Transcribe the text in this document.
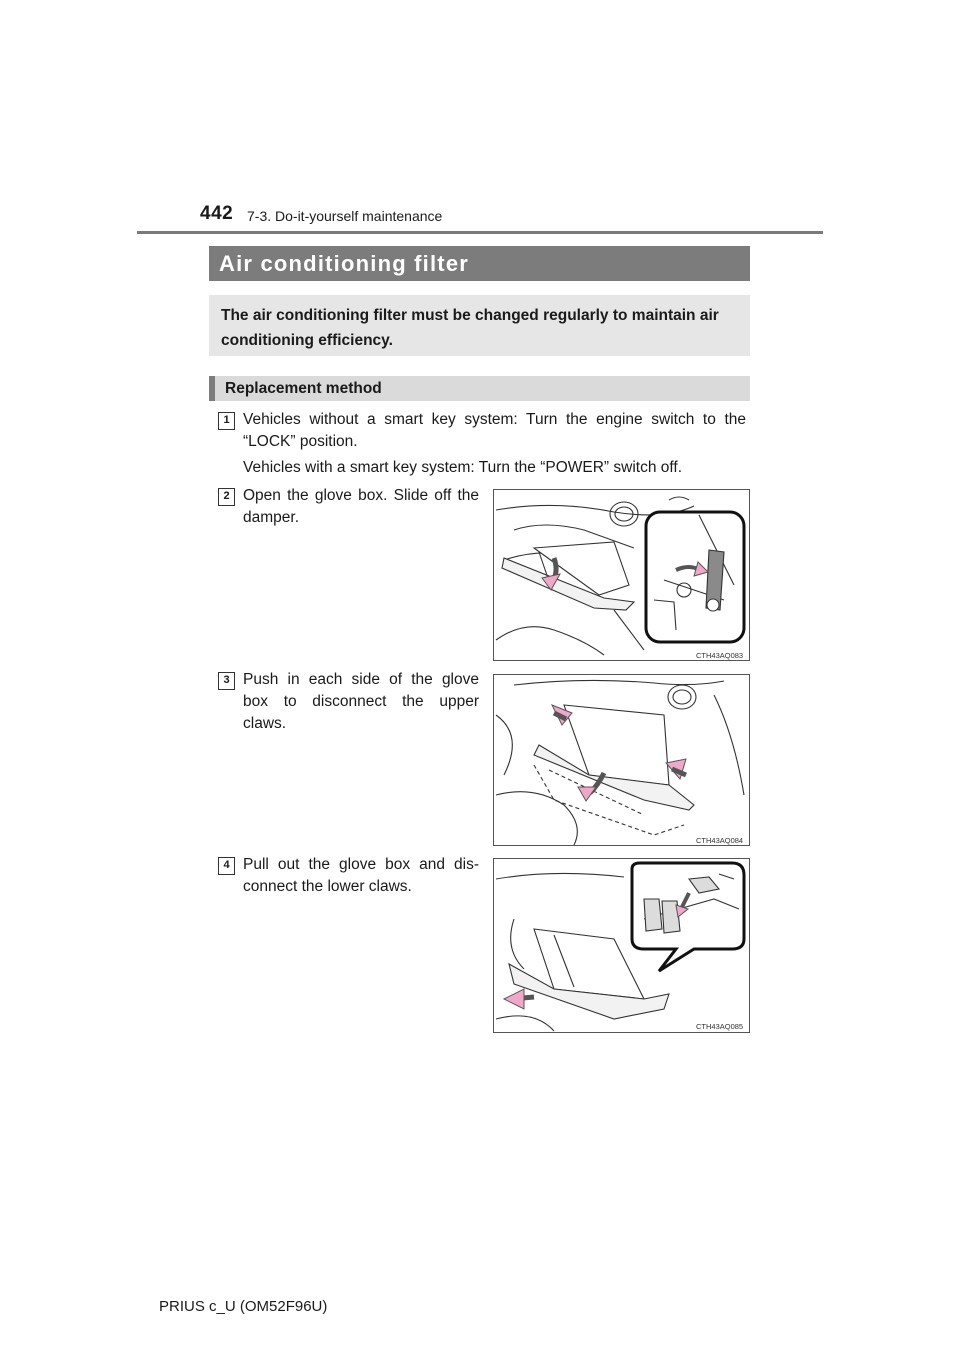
442 7-3. Do-it-yourself maintenance
Air conditioning filter
The air conditioning filter must be changed regularly to maintain air conditioning efficiency.
Replacement method
1 Vehicles without a smart key system: Turn the engine switch to the “LOCK” position.
Vehicles with a smart key system: Turn the “POWER” switch off.
2 Open the glove box. Slide off the damper.
CTH43AQ083
3 Push in each side of the glove box to disconnect the upper claws.
CTH43AQ084
4 Pull out the glove box and dis-connect the lower claws.
CTH43AQ085
PRIUS c_U (OM52F96U)
